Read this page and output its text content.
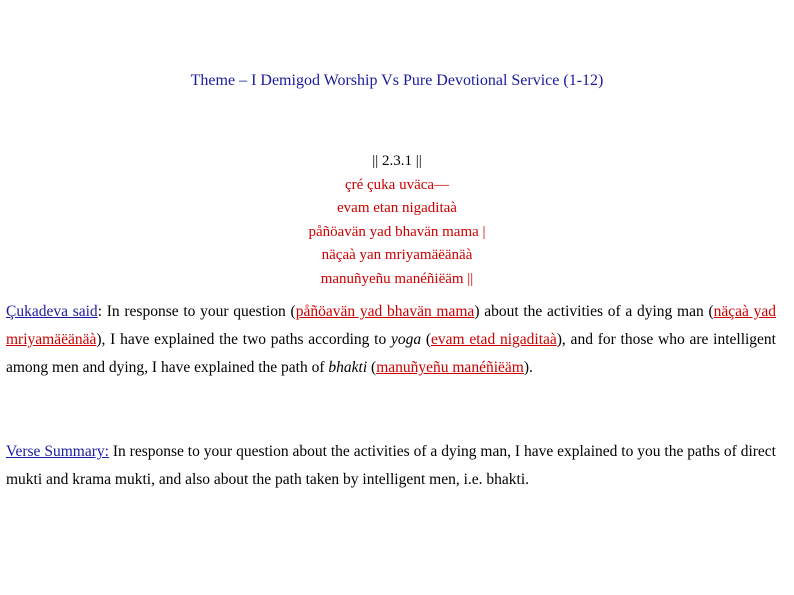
Theme – I Demigod Worship Vs Pure Devotional Service (1-12)
|| 2.3.1 ||
çré çuka uväca—
evam etan nigaditaà
påñöavän yad bhavän mama |
näçaà yan mriyamäëänäà
manuñyeñu manéñiëäm ||
Çukadeva said: In response to your question (påñöavän yad bhavän mama) about the activities of a dying man (näçaà yad mriyamäëänäà), I have explained the two paths according to yoga (evam etad nigaditaà), and for those who are intelligent among men and dying, I have explained the path of bhakti (manuñyeñu manéñiëäm).
Verse Summary: In response to your question about the activities of a dying man, I have explained to you the paths of direct mukti and krama mukti, and also about the path taken by intelligent men, i.e. bhakti.
